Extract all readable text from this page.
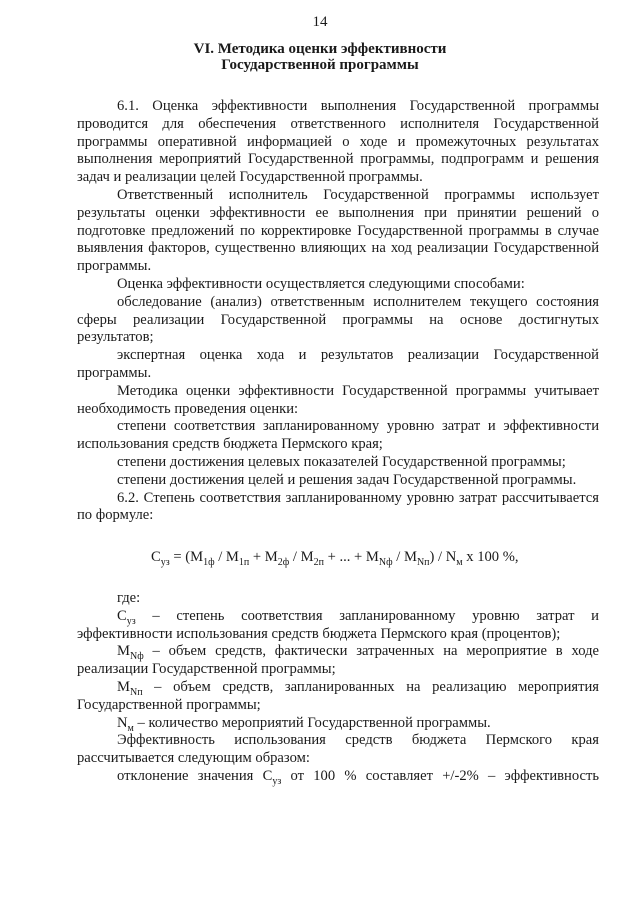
14
VI. Методика оценки эффективности
Государственной программы

6.1. Оценка эффективности выполнения Государственной программы проводится для обеспечения ответственного исполнителя Государственной программы оперативной информацией о ходе и промежуточных результатах выполнения мероприятий Государственной программы, подпрограмм и решения задач и реализации целей Государственной программы.

Ответственный исполнитель Государственной программы использует результаты оценки эффективности ее выполнения при принятии решений о подготовке предложений по корректировке Государственной программы в случае выявления факторов, существенно влияющих на ход реализации Государственной программы.

Оценка эффективности осуществляется следующими способами:

обследование (анализ) ответственным исполнителем текущего состояния сферы реализации Государственной программы на основе достигнутых результатов;

экспертная оценка хода и результатов реализации Государственной программы.

Методика оценки эффективности Государственной программы учитывает необходимость проведения оценки:

степени соответствия запланированному уровню затрат и эффективности использования средств бюджета Пермского края;

степени достижения целевых показателей Государственной программы;

степени достижения целей и решения задач Государственной программы.

6.2. Степень соответствия запланированному уровню затрат рассчитывается по формуле:

$С_{уз} = (М_{1ф} / М_{1п} + М_{2ф} / М_{2п}$ + ... + $М_{Nф} / М_{Nп}) / N_м$ х 100 %,

где:

$С_{уз}$ – степень соответствия запланированному уровню затрат и эффективности использования средств бюджета Пермского края (процентов);

$М_{Nф}$ – объем средств, фактически затраченных на мероприятие в ходе реализации Государственной программы;

$М_{Nп}$ – объем средств, запланированных на реализацию мероприятия Государственной программы;

$N_м$ – количество мероприятий Государственной программы.

Эффективность использования средств бюджета Пермского края рассчитывается следующим образом:

отклонение значения $С_{уз}$ от 100 % составляет +/-2% – эффективность
